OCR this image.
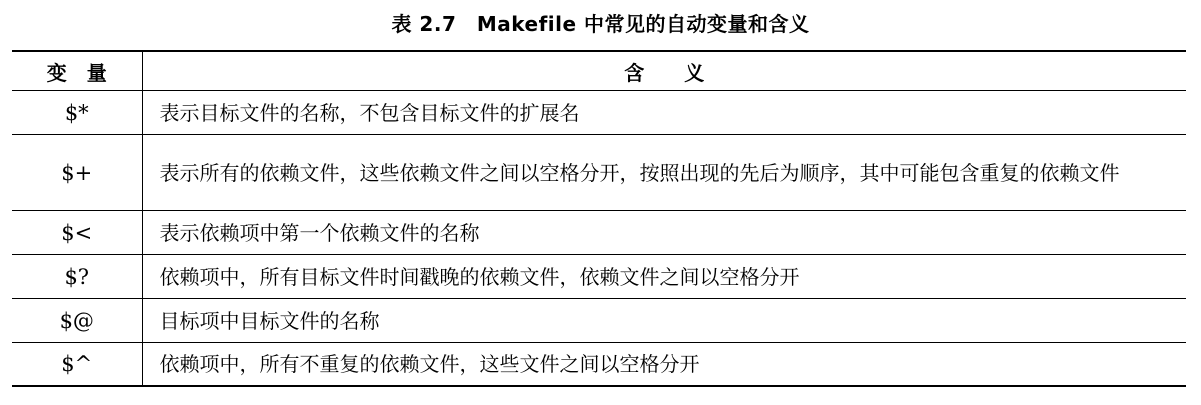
表 2.7　Makefile 中常见的自动变量和含义
变　量	含　　义
$*	表示目标文件的名称，不包含目标文件的扩展名
$+	表示所有的依赖文件，这些依赖文件之间以空格分开，按照出现的先后为顺序，其中可能包含重复的依赖文件
$<	表示依赖项中第一个依赖文件的名称
$?	依赖项中，所有目标文件时间戳晚的依赖文件，依赖文件之间以空格分开
$@	目标项中目标文件的名称
$^	依赖项中，所有不重复的依赖文件，这些文件之间以空格分开
